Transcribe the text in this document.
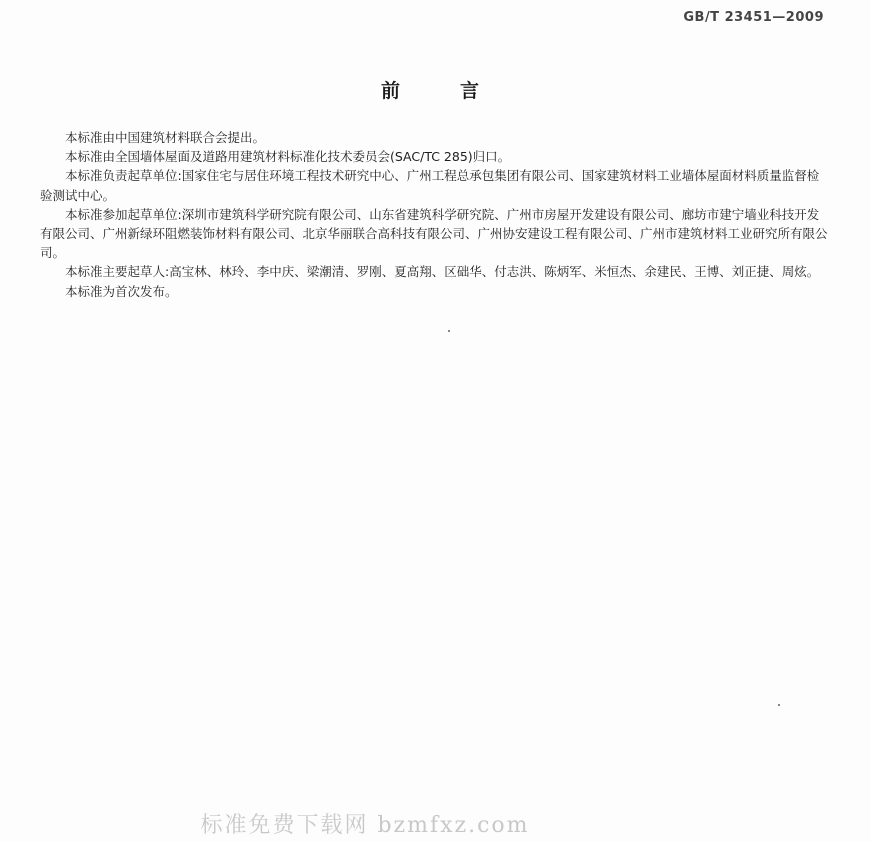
GB/T 23451—2009
前言

本标准由中国建筑材料联合会提出。

本标准由全国墙体屋面及道路用建筑材料标准化技术委员会(SAC/TC 285)归口。

本标准负责起草单位:国家住宅与居住环境工程技术研究中心、广州工程总承包集团有限公司、国家建筑材料工业墙体屋面材料质量监督检验测试中心。

本标准参加起草单位:深圳市建筑科学研究院有限公司、山东省建筑科学研究院、广州市房屋开发建设有限公司、廊坊市建宁墙业科技开发有限公司、广州新绿环阻燃装饰材料有限公司、北京华丽联合高科技有限公司、广州协安建设工程有限公司、广州市建筑材料工业研究所有限公司。

本标准主要起草人:高宝林、林玲、李中庆、梁潮清、罗刚、夏高翔、区础华、付志洪、陈炳军、米恒杰、余建民、王博、刘正捷、周炫。

本标准为首次发布。

标准免费下载网 bzmfxz.com
